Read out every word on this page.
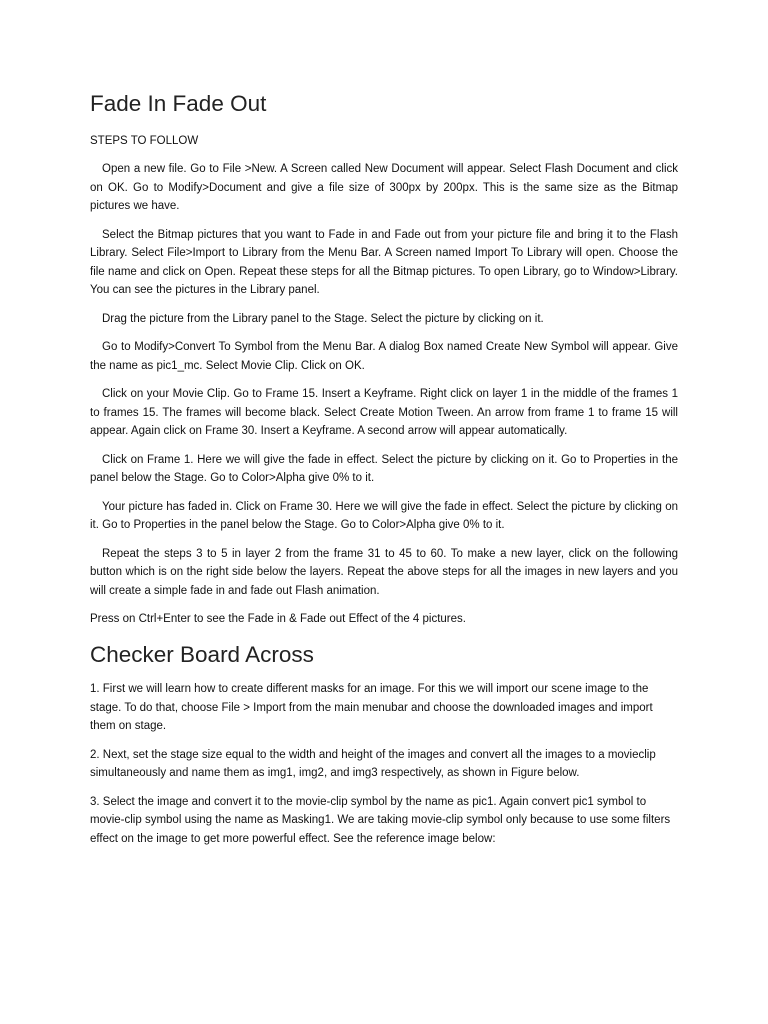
Fade In Fade Out
STEPS TO FOLLOW

Open a new file. Go to File >New. A Screen called New Document will appear. Select Flash Document and click on OK. Go to Modify>Document and give a file size of 300px by 200px. This is the same size as the Bitmap pictures we have.

Select the Bitmap pictures that you want to Fade in and Fade out from your picture file and bring it to the Flash Library. Select File>Import to Library from the Menu Bar. A Screen named Import To Library will open. Choose the file name and click on Open. Repeat these steps for all the Bitmap pictures. To open Library, go to Window>Library. You can see the pictures in the Library panel.

Drag the picture from the Library panel to the Stage. Select the picture by clicking on it.

Go to Modify>Convert To Symbol from the Menu Bar. A dialog Box named Create New Symbol will appear. Give the name as pic1_mc. Select Movie Clip. Click on OK.

Click on your Movie Clip. Go to Frame 15. Insert a Keyframe. Right click on layer 1 in the middle of the frames 1 to frames 15. The frames will become black. Select Create Motion Tween. An arrow from frame 1 to frame 15 will appear. Again click on Frame 30. Insert a Keyframe. A second arrow will appear automatically.

Click on Frame 1. Here we will give the fade in effect. Select the picture by clicking on it. Go to Properties in the panel below the Stage. Go to Color>Alpha give 0% to it.

Your picture has faded in. Click on Frame 30. Here we will give the fade in effect. Select the picture by clicking on it. Go to Properties in the panel below the Stage. Go to Color>Alpha give 0% to it.

Repeat the steps 3 to 5 in layer 2 from the frame 31 to 45 to 60. To make a new layer, click on the following button which is on the right side below the layers. Repeat the above steps for all the images in new layers and you will create a simple fade in and fade out Flash animation.

Press on Ctrl+Enter to see the Fade in & Fade out Effect of the 4 pictures.

Checker Board Across

1. First we will learn how to create different masks for an image. For this we will import our scene image to the stage. To do that, choose File > Import from the main menubar and choose the downloaded images and import them on stage.

2. Next, set the stage size equal to the width and height of the images and convert all the images to a movieclip simultaneously and name them as img1, img2, and img3 respectively, as shown in Figure below.

3. Select the image and convert it to the movie-clip symbol by the name as pic1. Again convert pic1 symbol to movie-clip symbol using the name as Masking1. We are taking movie-clip symbol only because to use some filters effect on the image to get more powerful effect. See the reference image below:
